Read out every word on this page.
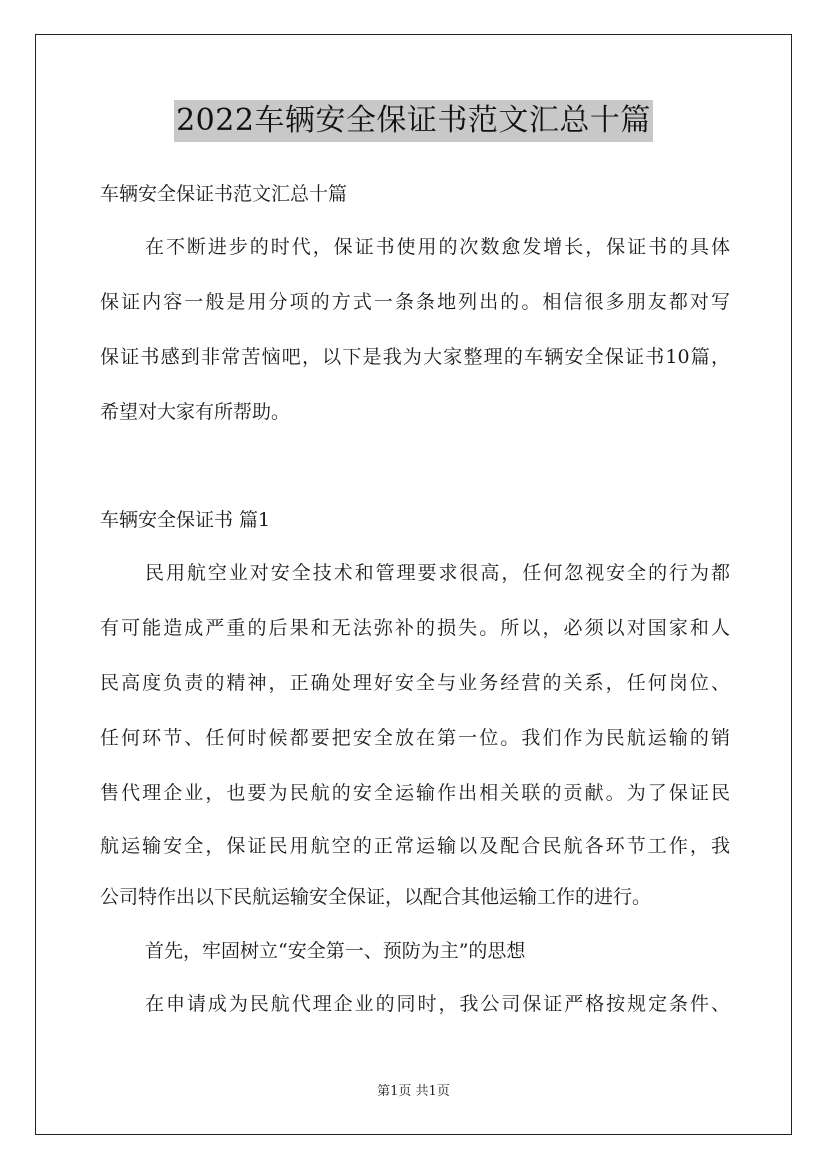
2022车辆安全保证书范文汇总十篇
车辆安全保证书范文汇总十篇
在不断进步的时代，保证书使用的次数愈发增长，保证书的具体
保证内容一般是用分项的方式一条条地列出的。相信很多朋友都对写
保证书感到非常苦恼吧，以下是我为大家整理的车辆安全保证书10篇，
希望对大家有所帮助。
车辆安全保证书 篇1
民用航空业对安全技术和管理要求很高，任何忽视安全的行为都
有可能造成严重的后果和无法弥补的损失。所以，必须以对国家和人
民高度负责的精神，正确处理好安全与业务经营的关系，任何岗位、
任何环节、任何时候都要把安全放在第一位。我们作为民航运输的销
售代理企业，也要为民航的安全运输作出相关联的贡献。为了保证民
航运输安全，保证民用航空的正常运输以及配合民航各环节工作，我
公司特作出以下民航运输安全保证，以配合其他运输工作的进行。
首先，牢固树立“安全第一、预防为主”的思想
在申请成为民航代理企业的同时，我公司保证严格按规定条件、
第1页 共1页
